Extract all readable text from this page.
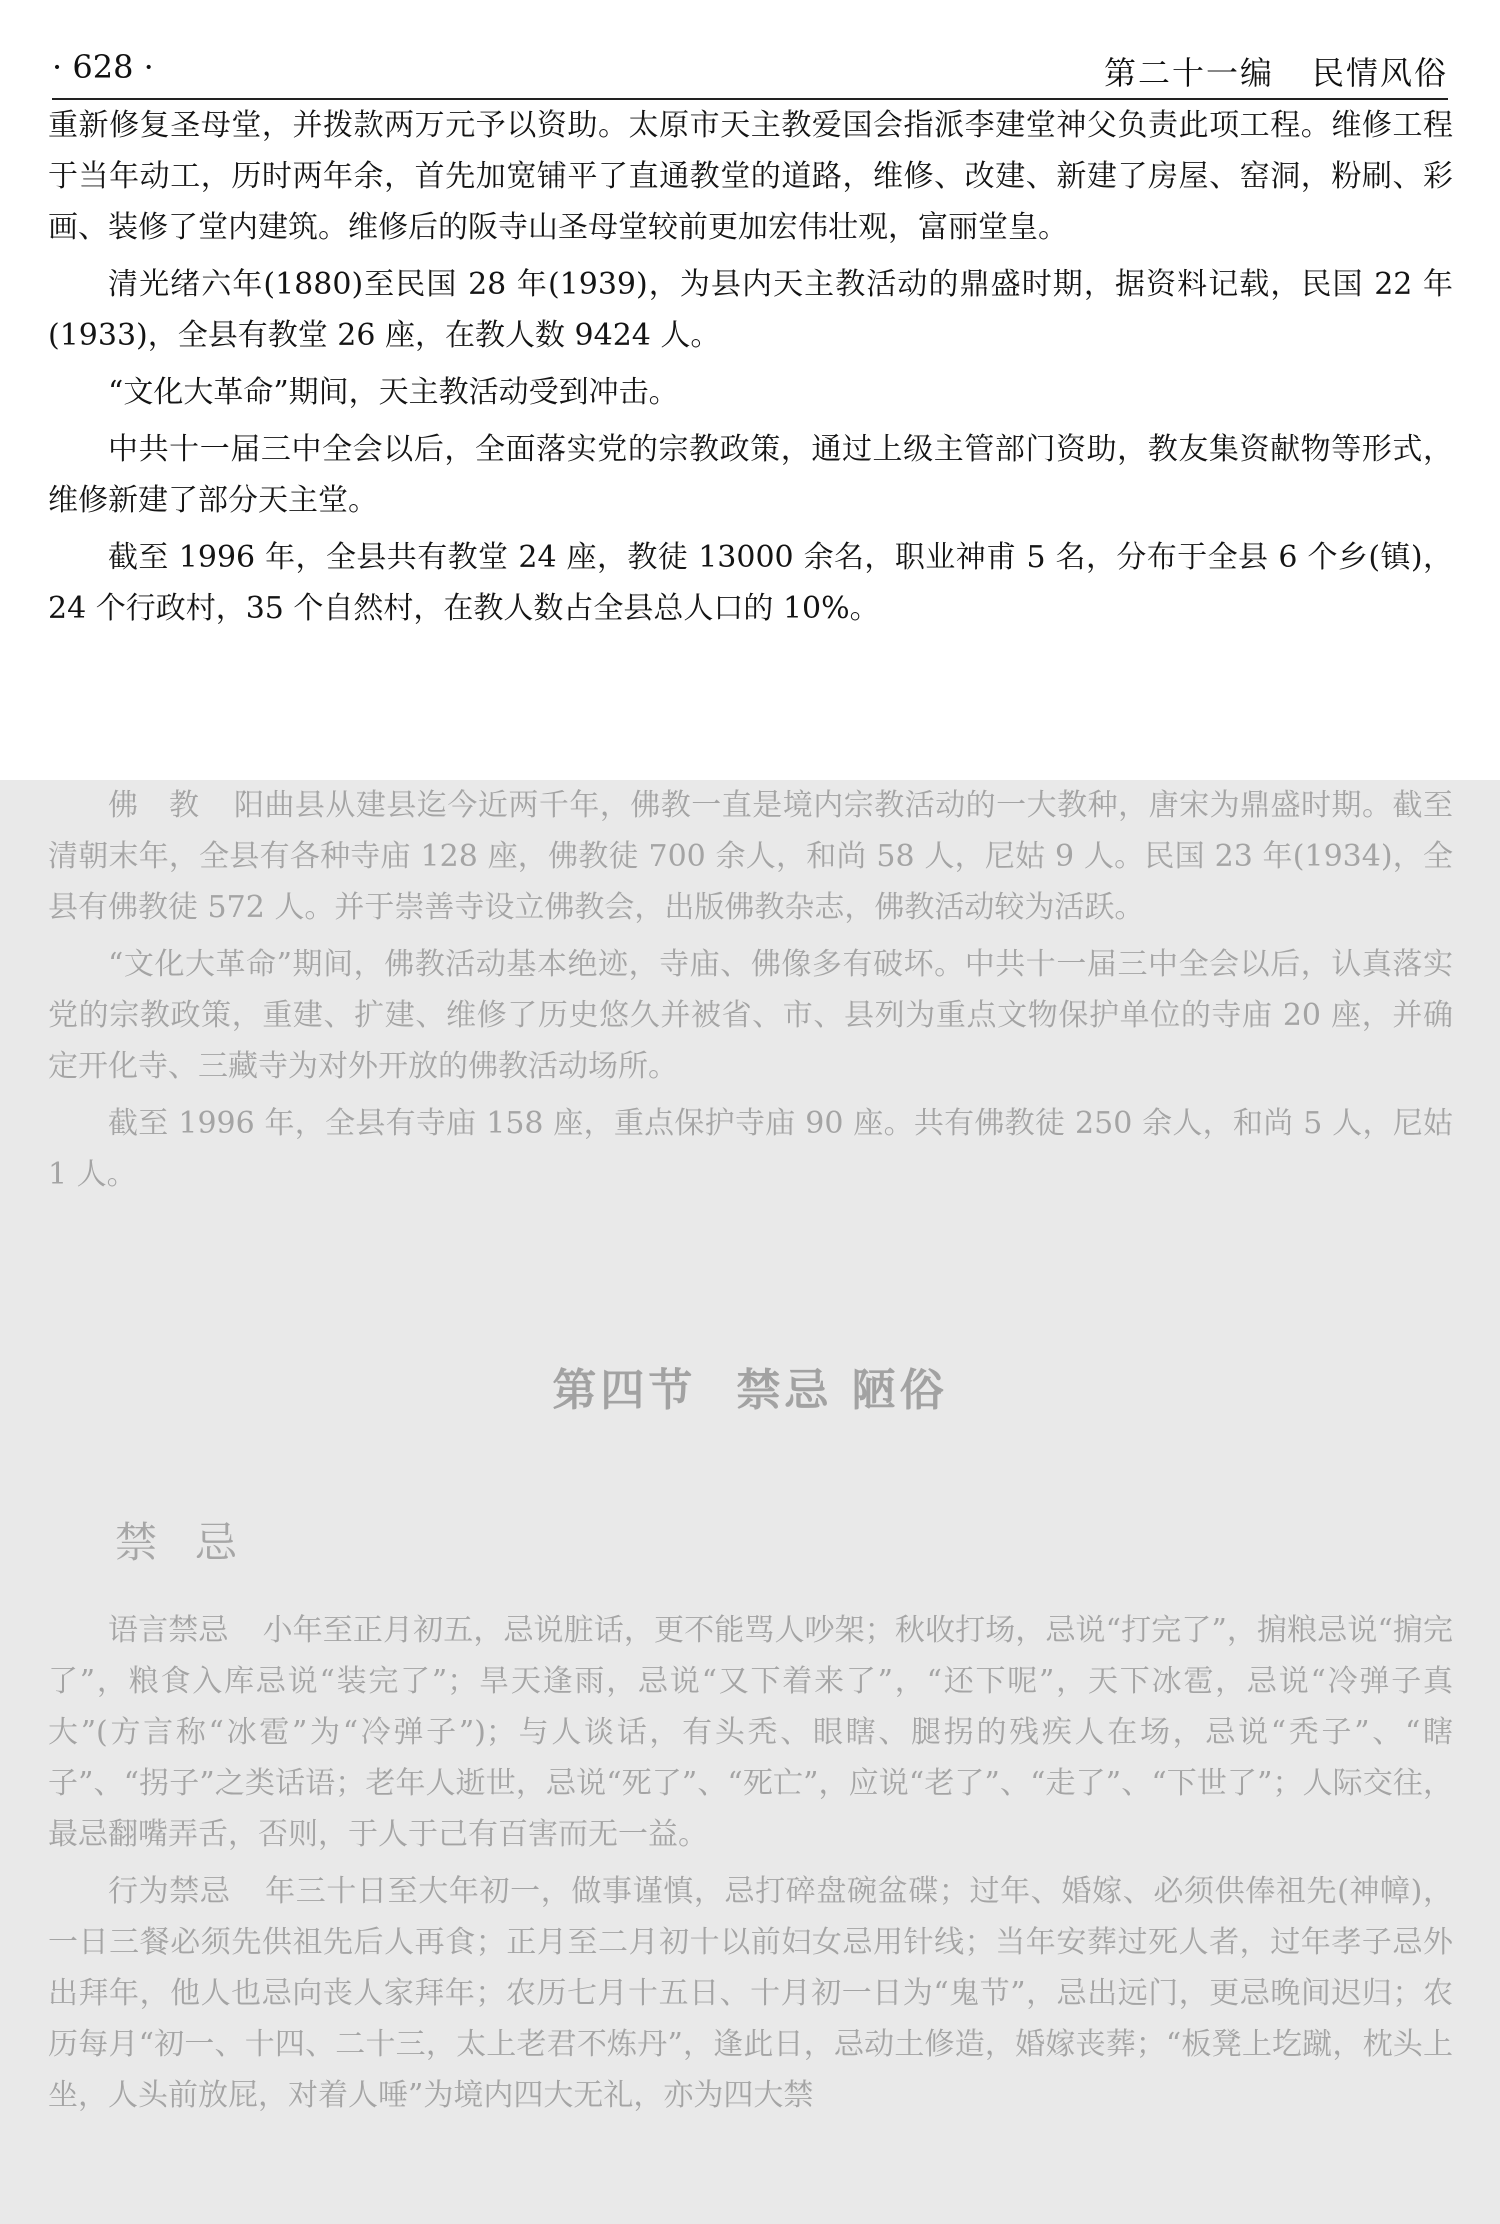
· 628 ·	第二十一编 民情风俗

重新修复圣母堂，并拨款两万元予以资助。太原市天主教爱国会指派李建堂神父负责此项工程。维修工程于当年动工，历时两年余，首先加宽铺平了直通教堂的道路，维修、改建、新建了房屋、窑洞，粉刷、彩画、装修了堂内建筑。维修后的阪寺山圣母堂较前更加宏伟壮观，富丽堂皇。

清光绪六年(1880)至民国 28 年(1939)，为县内天主教活动的鼎盛时期，据资料记载，民国 22 年(1933)，全县有教堂 26 座，在教人数 9424 人。

“文化大革命”期间，天主教活动受到冲击。

中共十一届三中全会以后，全面落实党的宗教政策，通过上级主管部门资助，教友集资献物等形式，维修新建了部分天主堂。

截至 1996 年，全县共有教堂 24 座，教徒 13000 余名，职业神甫 5 名，分布于全县 6 个乡(镇)，24 个行政村，35 个自然村，在教人数占全县总人口的 10%。

佛　教 阳曲县从建县迄今近两千年，佛教一直是境内宗教活动的一大教种，唐宋为鼎盛时期。截至清朝末年，全县有各种寺庙 128 座，佛教徒 700 余人，和尚 58 人，尼姑 9 人。民国 23 年(1934)，全县有佛教徒 572 人。并于崇善寺设立佛教会，出版佛教杂志，佛教活动较为活跃。

“文化大革命”期间，佛教活动基本绝迹，寺庙、佛像多有破坏。中共十一届三中全会以后，认真落实党的宗教政策，重建、扩建、维修了历史悠久并被省、市、县列为重点文物保护单位的寺庙 20 座，并确定开化寺、三藏寺为对外开放的佛教活动场所。

截至 1996 年，全县有寺庙 158 座，重点保护寺庙 90 座。共有佛教徒 250 余人，和尚 5 人，尼姑 1 人。

第四节 禁忌 陋俗
禁忌

语言禁忌 小年至正月初五，忌说脏话，更不能骂人吵架；秋收打场，忌说“打完了”，掮粮忌说“掮完了”，粮食入库忌说“装完了”；旱天逢雨，忌说“又下着来了”，“还下呢”，天下冰雹，忌说“冷弹子真大”(方言称“冰雹”为“冷弹子”)；与人谈话，有头秃、眼瞎、腿拐的残疾人在场，忌说“秃子”、“瞎子”、“拐子”之类话语；老年人逝世，忌说“死了”、“死亡”，应说“老了”、“走了”、“下世了”；人际交往，最忌翻嘴弄舌，否则，于人于己有百害而无一益。

行为禁忌 年三十日至大年初一，做事谨慎，忌打碎盘碗盆碟；过年、婚嫁、必须供俸祖先(神幛)，一日三餐必须先供祖先后人再食；正月至二月初十以前妇女忌用针线；当年安葬过死人者，过年孝子忌外出拜年，他人也忌向丧人家拜年；农历七月十五日、十月初一日为“鬼节”，忌出远门，更忌晚间迟归；农历每月“初一、十四、二十三，太上老君不炼丹”，逢此日，忌动土修造，婚嫁丧葬；“板凳上圪蹴，枕头上坐，人头前放屁，对着人唾”为境内四大无礼，亦为四大禁
